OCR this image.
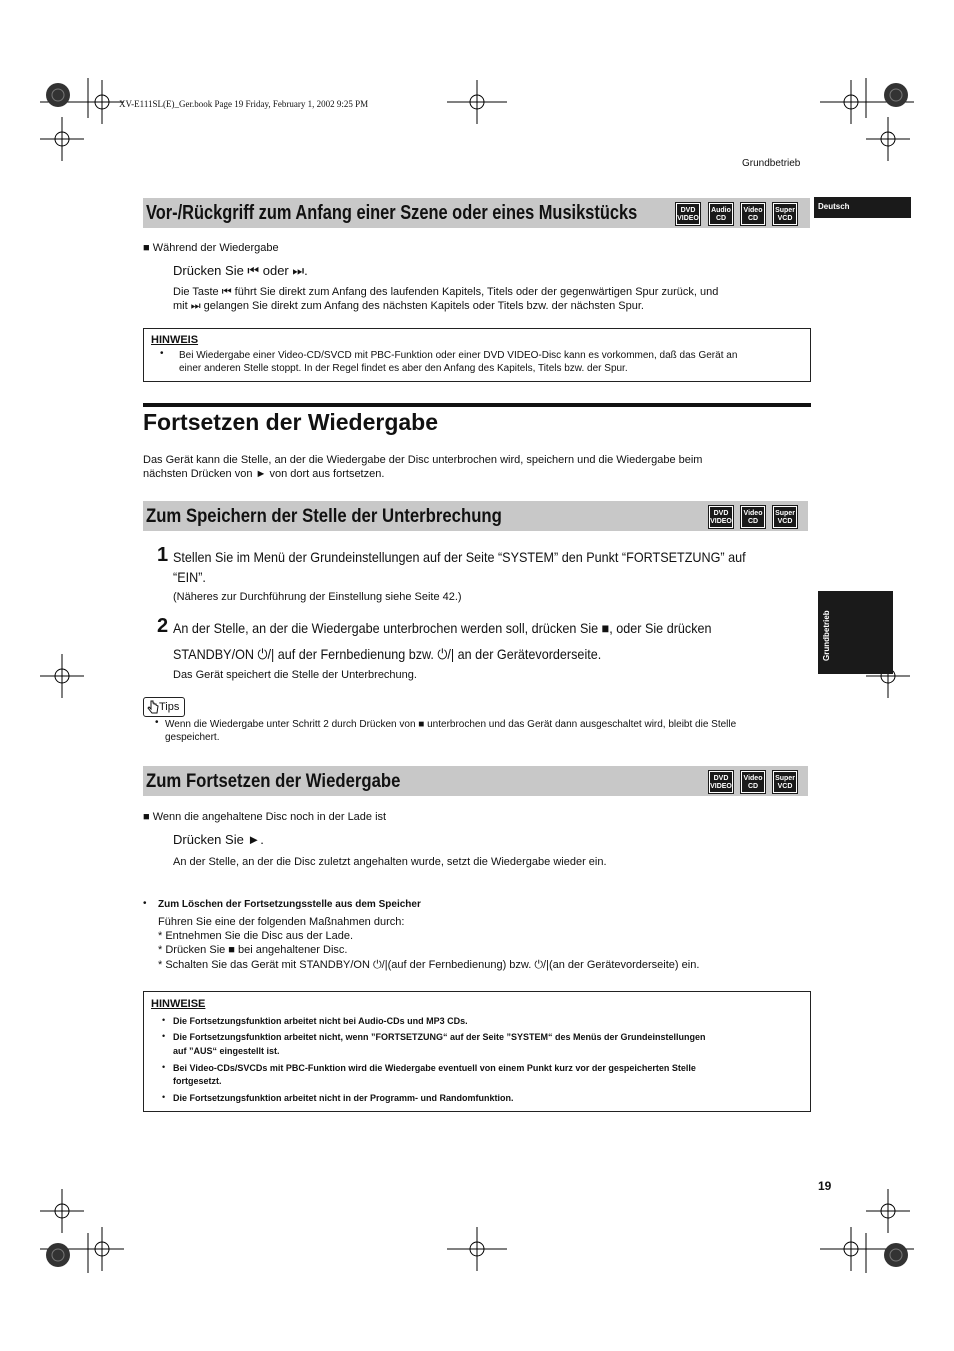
XV-E111SL(E)_Ger.book Page 19 Friday, February 1, 2002 9:25 PM
Grundbetrieb
Deutsch
Grundbetrieb
Vor-/Rückgriff zum Anfang einer Szene oder eines Musikstücks	DVD
VIDEO
Audio
CD
Video
CD
Super
VCD
■ Während der Wiedergabe
Drücken Sie ⏮ oder ⏭.
Die Taste ⏮ führt Sie direkt zum Anfang des laufenden Kapitels, Titels oder der gegenwärtigen Spur zurück, und
mit ⏭ gelangen Sie direkt zum Anfang des nächsten Kapitels oder Titels bzw. der nächsten Spur.
HINWEIS
• Bei Wiedergabe einer Video-CD/SVCD mit PBC-Funktion oder einer DVD VIDEO-Disc kann es vorkommen, daß das Gerät an
einer anderen Stelle stoppt. In der Regel findet es aber den Anfang des Kapitels, Titels bzw. der Spur.
Fortsetzen der Wiedergabe
Das Gerät kann die Stelle, an der die Wiedergabe der Disc unterbrochen wird, speichern und die Wiedergabe beim
nächsten Drücken von ► von dort aus fortsetzen.
Zum Speichern der Stelle der Unterbrechung	DVD
VIDEO
Video
CD
Super
VCD
1 Stellen Sie im Menü der Grundeinstellungen auf der Seite “SYSTEM” den Punkt “FORTSETZUNG” auf
“EIN”.
(Näheres zur Durchführung der Einstellung siehe Seite 42.)
2 An der Stelle, an der die Wiedergabe unterbrochen werden soll, drücken Sie ■, oder Sie drücken
STANDBY/ON ⏻/| auf der Fernbedienung bzw. ⏻/| an der Gerätevorderseite.
Das Gerät speichert die Stelle der Unterbrechung.
Tips
• Wenn die Wiedergabe unter Schritt 2 durch Drücken von ■ unterbrochen und das Gerät dann ausgeschaltet wird, bleibt die Stelle
gespeichert.
Zum Fortsetzen der Wiedergabe	DVD
VIDEO
Video
CD
Super
VCD
■ Wenn die angehaltene Disc noch in der Lade ist
Drücken Sie ►.
An der Stelle, an der die Disc zuletzt angehalten wurde, setzt die Wiedergabe wieder ein.
• Zum Löschen der Fortsetzungsstelle aus dem Speicher
Führen Sie eine der folgenden Maßnahmen durch:
* Entnehmen Sie die Disc aus der Lade.
* Drücken Sie ■ bei angehaltener Disc.
* Schalten Sie das Gerät mit STANDBY/ON ⏻/|(auf der Fernbedienung) bzw. ⏻/|(an der Gerätevorderseite) ein.
HINWEISE
• Die Fortsetzungsfunktion arbeitet nicht bei Audio-CDs und MP3 CDs.
• Die Fortsetzungsfunktion arbeitet nicht, wenn ”FORTSETZUNG“ auf der Seite ”SYSTEM“ des Menüs der Grundeinstellungen
auf ”AUS“ eingestellt ist.
• Bei Video-CDs/SVCDs mit PBC-Funktion wird die Wiedergabe eventuell von einem Punkt kurz vor der gespeicherten Stelle
fortgesetzt.
• Die Fortsetzungsfunktion arbeitet nicht in der Programm- und Randomfunktion.
19
